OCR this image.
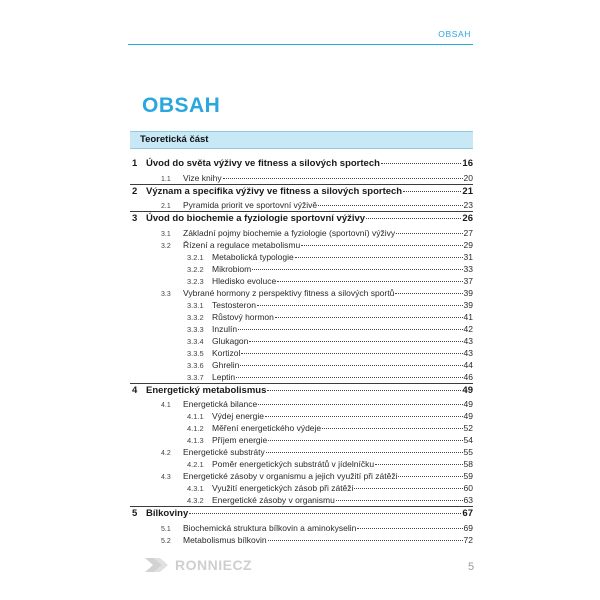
OBSAH
OBSAH
Teoretická část
1 Úvod do světa výživy ve fitness a silových sportech	16
1.1	Vize knihy	20
2 Význam a specifika výživy ve fitness a silových sportech	21
2.1	Pyramida priorit ve sportovní výživě	23
3 Úvod do biochemie a fyziologie sportovní výživy	26
3.1	Základní pojmy biochemie a fyziologie (sportovní) výživy	27
3.2	Řízení a regulace metabolismu	29
3.2.1 Metabolická typologie	31
3.2.2 Mikrobiom	33
3.2.3 Hledisko evoluce	37
3.3	Vybrané hormony z perspektivy fitness a silových sportů	39
3.3.1 Testosteron	39
3.3.2 Růstový hormon	41
3.3.3 Inzulín	42
3.3.4 Glukagon	43
3.3.5 Kortizol	43
3.3.6 Ghrelin	44
3.3.7 Leptin	46
4 Energetický metabolismus	49
4.1	Energetická bilance	49
4.1.1 Výdej energie	49
4.1.2 Měření energetického výdeje	52
4.1.3 Příjem energie	54
4.2	Energetické substráty	55
4.2.1 Poměr energetických substrátů v jídelníčku	58
4.3	Energetické zásoby v organismu a jejich využití při zátěži	59
4.3.1 Využití energetických zásob při zátěži	60
4.3.2 Energetické zásoby v organismu	63
5 Bílkoviny	67
5.1	Biochemická struktura bílkovin a aminokyselin	69
5.2	Metabolismus bílkovin	72
RONNIECZ	5
